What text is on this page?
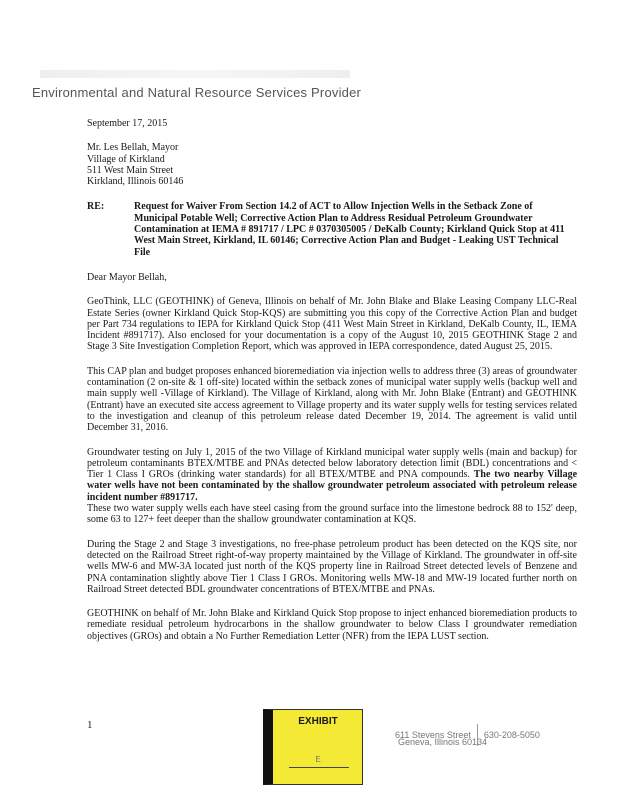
Environmental and Natural Resource Services Provider
September 17, 2015
Mr. Les Bellah, Mayor
Village of Kirkland
511 West Main Street
Kirkland, Illinois 60146
RE:	Request for Waiver From Section 14.2 of ACT to Allow Injection Wells in the Setback Zone of Municipal Potable Well; Corrective Action Plan to Address Residual Petroleum Groundwater Contamination at IEMA # 891717 / LPC # 0370305005 / DeKalb County; Kirkland Quick Stop at 411 West Main Street, Kirkland, IL 60146; Corrective Action Plan and Budget - Leaking UST Technical File
Dear Mayor Bellah,
GeoThink, LLC (GEOTHINK) of Geneva, Illinois on behalf of Mr. John Blake and Blake Leasing Company LLC-Real Estate Series (owner Kirkland Quick Stop-KQS) are submitting you this copy of the Corrective Action Plan and budget per Part 734 regulations to IEPA for Kirkland Quick Stop (411 West Main Street in Kirkland, DeKalb County, IL, IEMA Incident #891717). Also enclosed for your documentation is a copy of the August 10, 2015 GEOTHINK Stage 2 and Stage 3 Site Investigation Completion Report, which was approved in IEPA correspondence, dated August 25, 2015.
This CAP plan and budget proposes enhanced bioremediation via injection wells to address three (3) areas of groundwater contamination (2 on-site & 1 off-site) located within the setback zones of municipal water supply wells (backup well and main supply well -Village of Kirkland). The Village of Kirkland, along with Mr. John Blake (Entrant) and GEOTHINK (Entrant) have an executed site access agreement to Village property and its water supply wells for testing services related to the investigation and cleanup of this petroleum release dated December 19, 2014. The agreement is valid until December 31, 2016.
Groundwater testing on July 1, 2015 of the two Village of Kirkland municipal water supply wells (main and backup) for petroleum contaminants BTEX/MTBE and PNAs detected below laboratory detection limit (BDL) concentrations and < Tier 1 Class I GROs (drinking water standards) for all BTEX/MTBE and PNA compounds. The two nearby Village water wells have not been contaminated by the shallow groundwater petroleum associated with petroleum release incident number #891717.
These two water supply wells each have steel casing from the ground surface into the limestone bedrock 88 to 152' deep, some 63 to 127+ feet deeper than the shallow groundwater contamination at KQS.
During the Stage 2 and Stage 3 investigations, no free-phase petroleum product has been detected on the KQS site, nor detected on the Railroad Street right-of-way property maintained by the Village of Kirkland. The groundwater in off-site wells MW-6 and MW-3A located just north of the KQS property line in Railroad Street detected levels of Benzene and PNA contamination slightly above Tier 1 Class I GROs. Monitoring wells MW-18 and MW-19 located further north on Railroad Street detected BDL groundwater concentrations of BTEX/MTBE and PNAs.
GEOTHINK on behalf of Mr. John Blake and Kirkland Quick Stop propose to inject enhanced bioremediation products to remediate residual petroleum hydrocarbons in the shallow groundwater to below Class I groundwater remediation objectives (GROs) and obtain a No Further Remediation Letter (NFR) from the IEPA LUST section.
1	EXHIBIT
E
611 Stevens Street 630-208-5050
Geneva, Illinois 60134
